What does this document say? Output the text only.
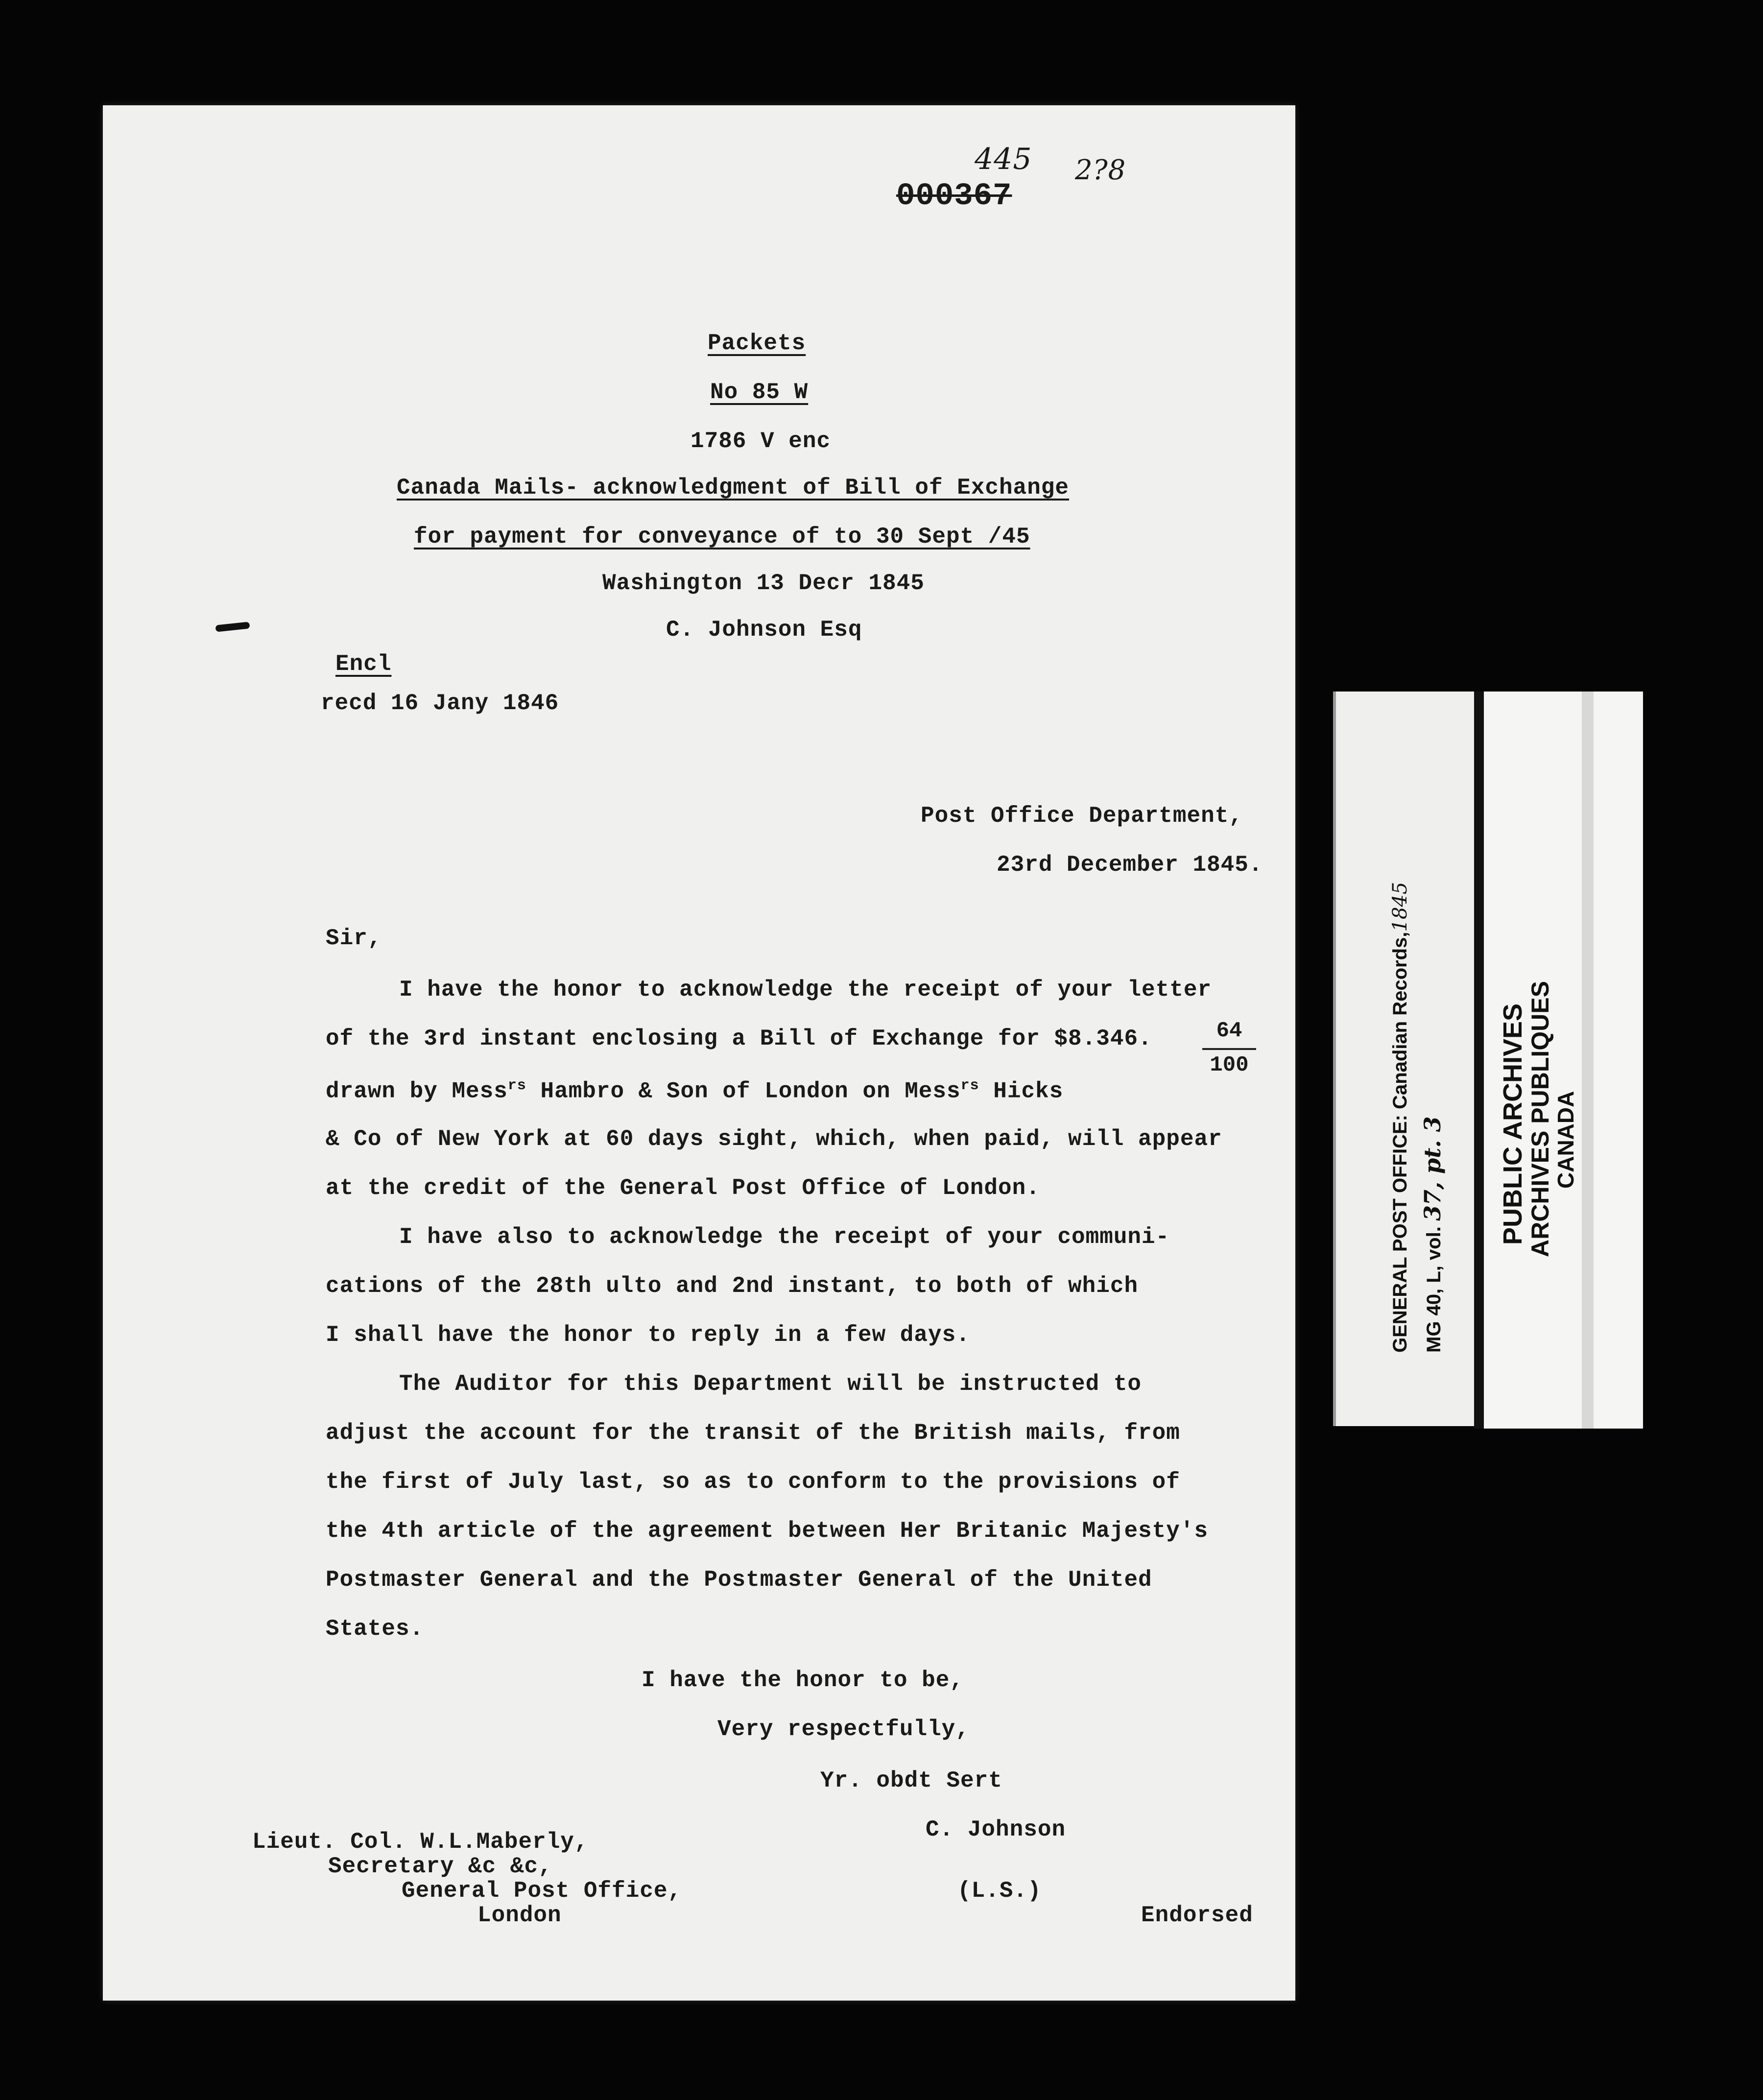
445 2?8
000367
Packets
No 85 W
1786 V enc
Canada Mails- acknowledgment of Bill of Exchange
for payment for conveyance of to 30 Sept /45
Washington 13 Decr 1845
C. Johnson Esq
Encl
recd 16 Jany 1846
Post Office Department,
23rd December 1845.
Sir,
I have the honor to acknowledge the receipt of your letter
of the 3rd instant enclosing a Bill of Exchange for $8.346.	64
100
drawn by Mess$^{rs}$ Hambro & Son of London on Mess$^{rs}$ Hicks
& Co of New York at 60 days sight, which, when paid, will appear
at the credit of the General Post Office of London.
I have also to acknowledge the receipt of your communi-
cations of the 28th ulto and 2nd instant, to both of which
I shall have the honor to reply in a few days.
The Auditor for this Department will be instructed to
adjust the account for the transit of the British mails, from
the first of July last, so as to conform to the provisions of
the 4th article of the agreement between Her Britanic Majesty's
Postmaster General and the Postmaster General of the United
States.
I have the honor to be,
Very respectfully,
Yr. obdt Sert
C. Johnson
(L.S.)
Endorsed
Lieut. Col. W.L.Maberly,
Secretary &c &c,
General Post Office,
London
GENERAL POST OFFICE: Canadian Records,1845
MG 40, L, vol. 37, pt. 3 PUBLIC ARCHIVES
ARCHIVES PUBLIQUES
CANADA
